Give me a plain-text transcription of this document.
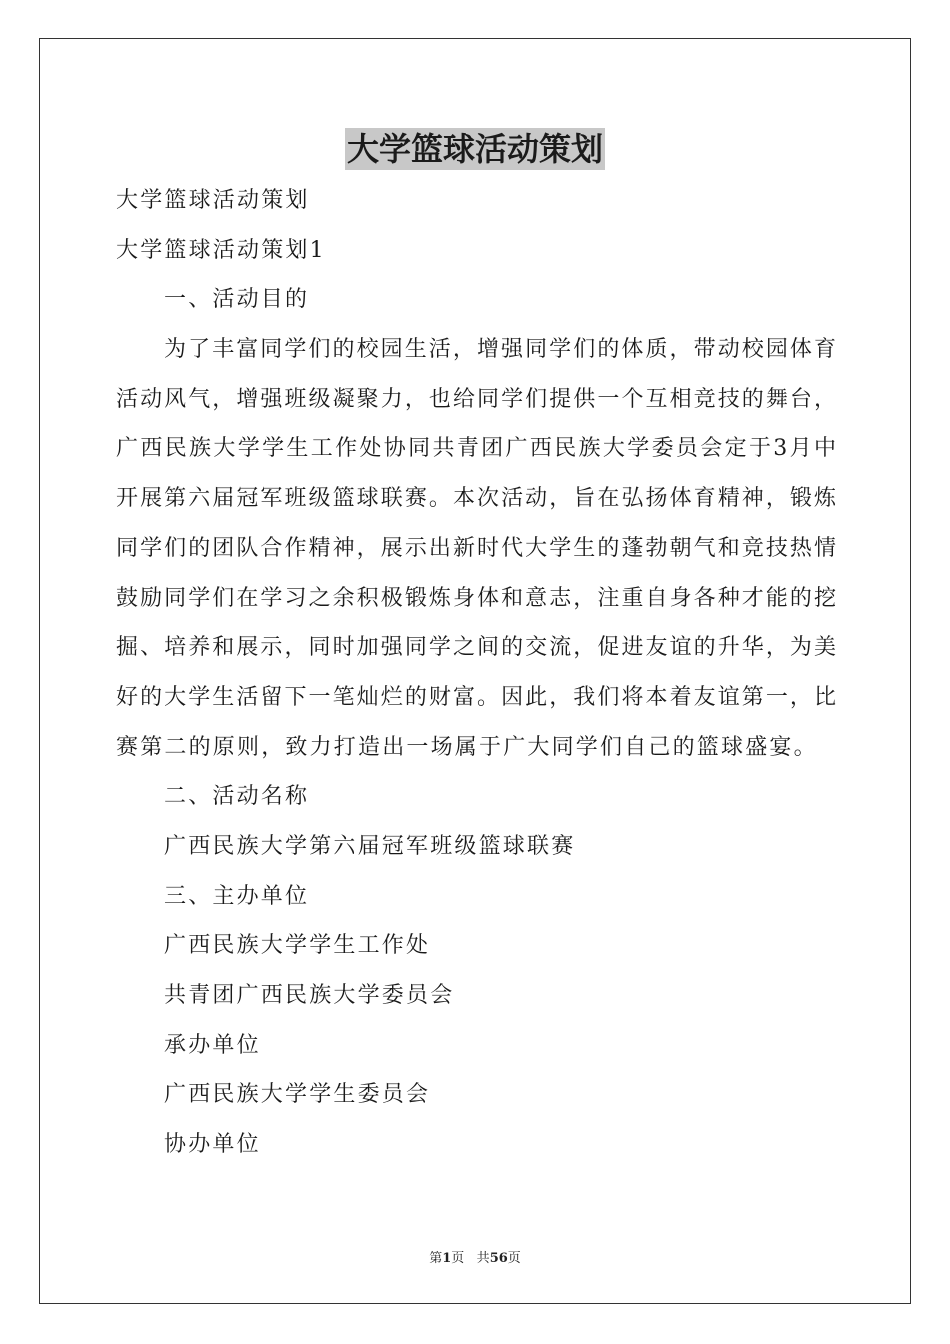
大学篮球活动策划
大学篮球活动策划
大学篮球活动策划1
一、活动目的
为了丰富同学们的校园生活，增强同学们的体质，带动校园体育
活动风气，增强班级凝聚力，也给同学们提供一个互相竞技的舞台，
广西民族大学学生工作处协同共青团广西民族大学委员会定于3月中
开展第六届冠军班级篮球联赛。本次活动，旨在弘扬体育精神，锻炼
同学们的团队合作精神，展示出新时代大学生的蓬勃朝气和竞技热情
鼓励同学们在学习之余积极锻炼身体和意志，注重自身各种才能的挖
掘、培养和展示，同时加强同学之间的交流，促进友谊的升华，为美
好的大学生活留下一笔灿烂的财富。因此，我们将本着友谊第一，比
赛第二的原则，致力打造出一场属于广大同学们自己的篮球盛宴。
二、活动名称
广西民族大学第六届冠军班级篮球联赛
三、主办单位
广西民族大学学生工作处
共青团广西民族大学委员会
承办单位
广西民族大学学生委员会
协办单位
第1页 共56页
